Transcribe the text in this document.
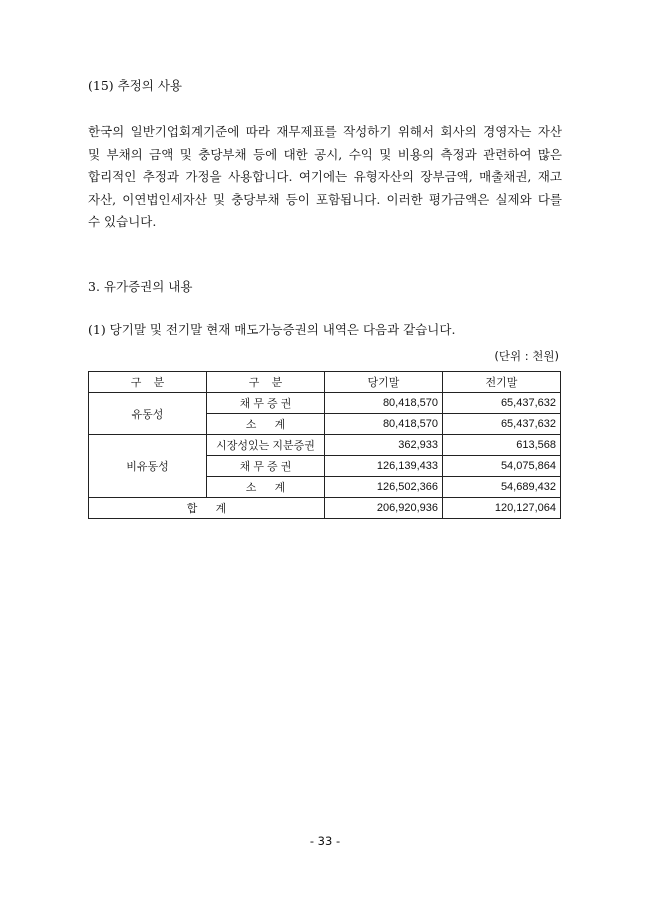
(15) 추정의 사용
한국의 일반기업회계기준에 따라 재무제표를 작성하기 위해서 회사의 경영자는 자산
및 부채의 금액 및 충당부채 등에 대한 공시, 수익 및 비용의 측정과 관련하여 많은
합리적인 추정과 가정을 사용합니다. 여기에는 유형자산의 장부금액, 매출채권, 재고
자산, 이연법인세자산 및 충당부채 등이 포함됩니다. 이러한 평가금액은 실제와 다를
수 있습니다.
3. 유가증권의 내용
(1) 당기말 및 전기말 현재 매도가능증권의 내역은 다음과 같습니다.
(단위 : 천원)
구    분	구    분	당기말	전기말
유동성	채 무 증 권	80,418,570	65,437,632
	소      계	80,418,570	65,437,632
비유동성	시장성있는 지분증권	362,933	613,568
	채 무 증 권	126,139,433	54,075,864
	소      계	126,502,366	54,689,432
합      계		206,920,936	120,127,064
- 33 -
